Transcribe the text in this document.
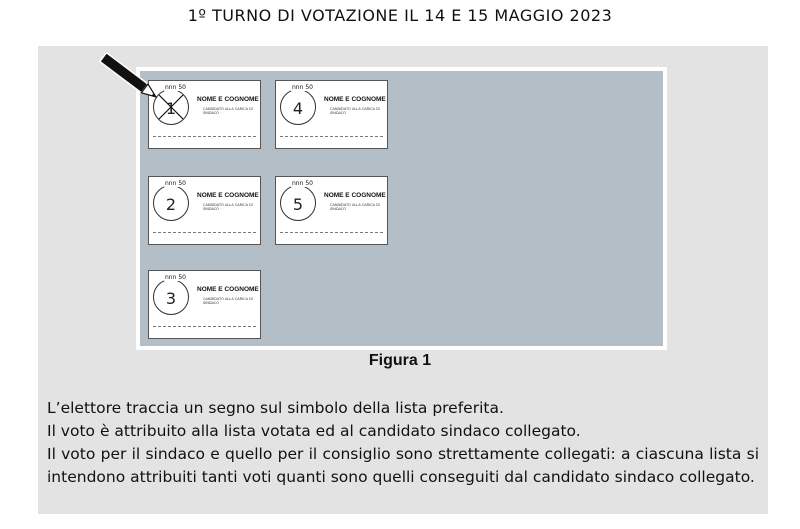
1º TURNO DI VOTAZIONE IL 14 E 15 MAGGIO 2023
1
nnn 50
NOME E COGNOME
CANDIDATO ALLA CARICA DI SINDACO	4
nnn 50
NOME E COGNOME
CANDIDATO ALLA CARICA DI SINDACO
2
nnn 50
NOME E COGNOME
CANDIDATO ALLA CARICA DI SINDACO	5
nnn 50
NOME E COGNOME
CANDIDATO ALLA CARICA DI SINDACO
3
nnn 50
NOME E COGNOME
CANDIDATO ALLA CARICA DI SINDACO
Figura 1

L’elettore traccia un segno sul simbolo della lista preferita.

Il voto è attribuito alla lista votata ed al candidato sindaco collegato.

Il voto per il sindaco e quello per il consiglio sono strettamente collegati: a ciascuna lista si intendono attribuiti tanti voti quanti sono quelli conseguiti dal candidato sindaco collegato.
